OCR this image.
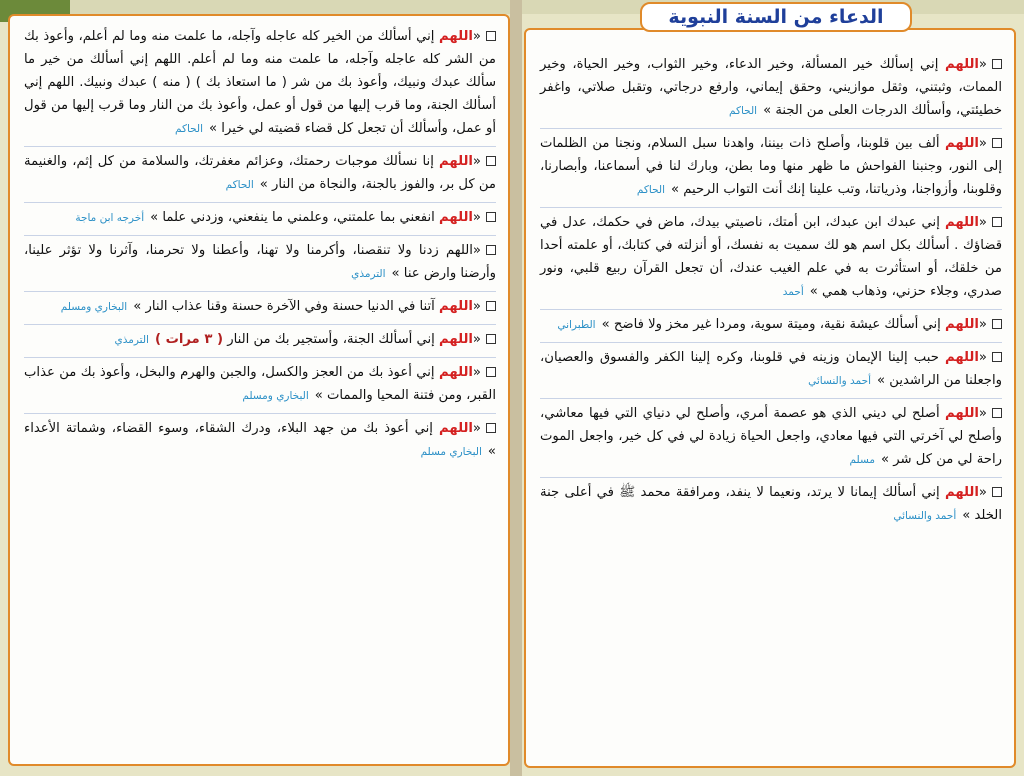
الدعاء من السنة النبوية
«اللهم إني أسألك من الخير كله عاجله وآجله، ما علمت منه وما لم أعلم، وأعوذ بك من الشر كله عاجله وآجله، ما علمت منه وما لم أعلم. اللهم إني أسألك من خير ما سألك عبدك ونبيك، وأعوذ بك من شر ( ما استعاذ بك ) ( منه ) عبدك ونبيك. اللهم إني أسألك الجنة، وما قرب إليها من قول أو عمل، وأعوذ بك من النار وما قرب إليها من قول أو عمل، وأسألك أن تجعل كل قضاء قضيته لي خيرا »الحاكم
«اللهم إنا نسألك موجبات رحمتك، وعزائم مغفرتك، والسلامة من كل إثم، والغنيمة من كل بر، والفوز بالجنة، والنجاة من النار »الحاكم
«اللهم انفعني بما علمتني، وعلمني ما ينفعني، وزدني علما »أخرجه ابن ماجة
«اللهم زدنا ولا تنقصنا، وأكرمنا ولا تهنا، وأعطنا ولا تحرمنا، وآثرنا ولا تؤثر علينا، وأرضنا وارض عنا »الترمذي
«اللهم آتنا في الدنيا حسنة وفي الآخرة حسنة وقنا عذاب النار »البخاري ومسلم
«اللهم إني أسألك الجنة، وأستجير بك من النار ( ٣ مرات )الترمذي
«اللهم إني أعوذ بك من العجز والكسل، والجبن والهرم والبخل، وأعوذ بك من عذاب القبر، ومن فتنة المحيا والممات »البخاري ومسلم
«اللهم إني أعوذ بك من جهد البلاء، ودرك الشقاء، وسوء القضاء، وشماتة الأعداء »البخاري مسلم
«اللهم إني إسألك خير المسألة، وخير الدعاء، وخير الثواب، وخير الحياة، وخير الممات، وثبتني، وثقل موازيني، وحقق إيماني، وارفع درجاتي، وتقبل صلاتي، واغفر خطيئتي، وأسألك الدرجات العلى من الجنة »الحاكم
«اللهم ألف بين قلوبنا، وأصلح ذات بيننا، واهدنا سبل السلام، ونجنا من الظلمات إلى النور، وجنبنا الفواحش ما ظهر منها وما بطن، وبارك لنا في أسماعنا، وأبصارنا، وقلوبنا، وأزواجنا، وذرياتنا، وتب علينا إنك أنت التواب الرحيم »الحاكم
«اللهم إني عبدك ابن عبدك، ابن أمتك، ناصيتي بيدك، ماض في حكمك، عدل في قضاؤك . أسألك بكل اسم هو لك سميت به نفسك، أو أنزلته في كتابك، أو علمته أحدا من خلقك، أو استأثرت به في علم الغيب عندك، أن تجعل القرآن ربيع قلبي، ونور صدري، وجلاء حزني، وذهاب همي »أحمد
«اللهم إني أسألك عيشة نقية، وميتة سوية، ومردا غير مخز ولا فاضح »الطبراني
«اللهم حبب إلينا الإيمان وزينه في قلوبنا، وكره إلينا الكفر والفسوق والعصيان، واجعلنا من الراشدين »أحمد والنسائي
«اللهم أصلح لي ديني الذي هو عصمة أمري، وأصلح لي دنياي التي فيها معاشي، وأصلح لي آخرتي التي فيها معادي، واجعل الحياة زيادة لي في كل خير، واجعل الموت راحة لي من كل شر »مسلم
«اللهم إني أسألك إيمانا لا يرتد، ونعيما لا ينفد، ومرافقة محمد ﷺ في أعلى جنة الخلد »أحمد والنسائي
